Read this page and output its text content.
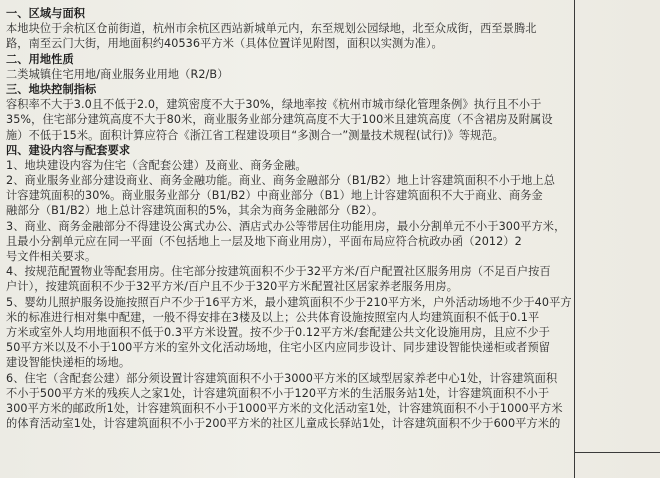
一、区域与面积

本地块位于余杭区仓前街道，杭州市余杭区西站新城单元内，东至规划公园绿地，北至众成街，西至景腾北

路，南至云门大街，用地面积约40536平方米（具体位置详见附图，面积以实测为准）。

二、用地性质

二类城镇住宅用地/商业服务业用地（R2/B）

三、地块控制指标

容积率不大于3.0且不低于2.0，建筑密度不大于30%，绿地率按《杭州市城市绿化管理条例》执行且不小于

35%，住宅部分建筑高度不大于80米，商业服务业部分建筑高度不大于100米且建筑高度（不含裙房及附属设

施）不低于15米。面积计算应符合《浙江省工程建设项目“多测合一”测量技术规程(试行)》等规范。

四、建设内容与配套要求

1、地块建设内容为住宅（含配套公建）及商业、商务金融。

2、商业服务业部分建设商业、商务金融功能。商业、商务金融部分（B1/B2）地上计容建筑面积不小于地上总

计容建筑面积的30%。商业服务业部分（B1/B2）中商业部分（B1）地上计容建筑面积不大于商业、商务金

融部分（B1/B2）地上总计容建筑面积的5%，其余为商务金融部分（B2）。

3、商业、商务金融部分不得建设公寓式办公、酒店式办公等带居住功能用房，最小分割单元不小于300平方米，

且最小分割单元应在同一平面（不包括地上一层及地下商业用房），平面布局应符合杭政办函（2012）2

号文件相关要求。

4、按规范配置物业等配套用房。住宅部分按建筑面积不少于32平方米/百户配置社区服务用房（不足百户按百

户计），按建筑面积不少于32平方米/百户且不少于320平方米配置社区居家养老服务用房。

5、婴幼儿照护服务设施按照百户不少于16平方米，最小建筑面积不少于210平方米，户外活动场地不少于40平方

米的标准进行相对集中配建，一般不得安排在3楼及以上；公共体育设施按照室内人均建筑面积不低于0.1平

方米或室外人均用地面积不低于0.3平方米设置。按不少于0.12平方米/套配建公共文化设施用房，且应不少于

50平方米以及不小于100平方米的室外文化活动场地，住宅小区内应同步设计、同步建设智能快递柜或者预留

建设智能快递柜的场地。

6、住宅（含配套公建）部分须设置计容建筑面积不小于3000平方米的区域型居家养老中心1处，计容建筑面积

不小于500平方米的残疾人之家1处，计容建筑面积不小于120平方米的生活服务站1处，计容建筑面积不小于

300平方米的邮政所1处，计容建筑面积不小于1000平方米的文化活动室1处，计容建筑面积不小于1000平方米

的体育活动室1处，计容建筑面积不小于200平方米的社区儿童成长驿站1处，计容建筑面积不少于600平方米的
